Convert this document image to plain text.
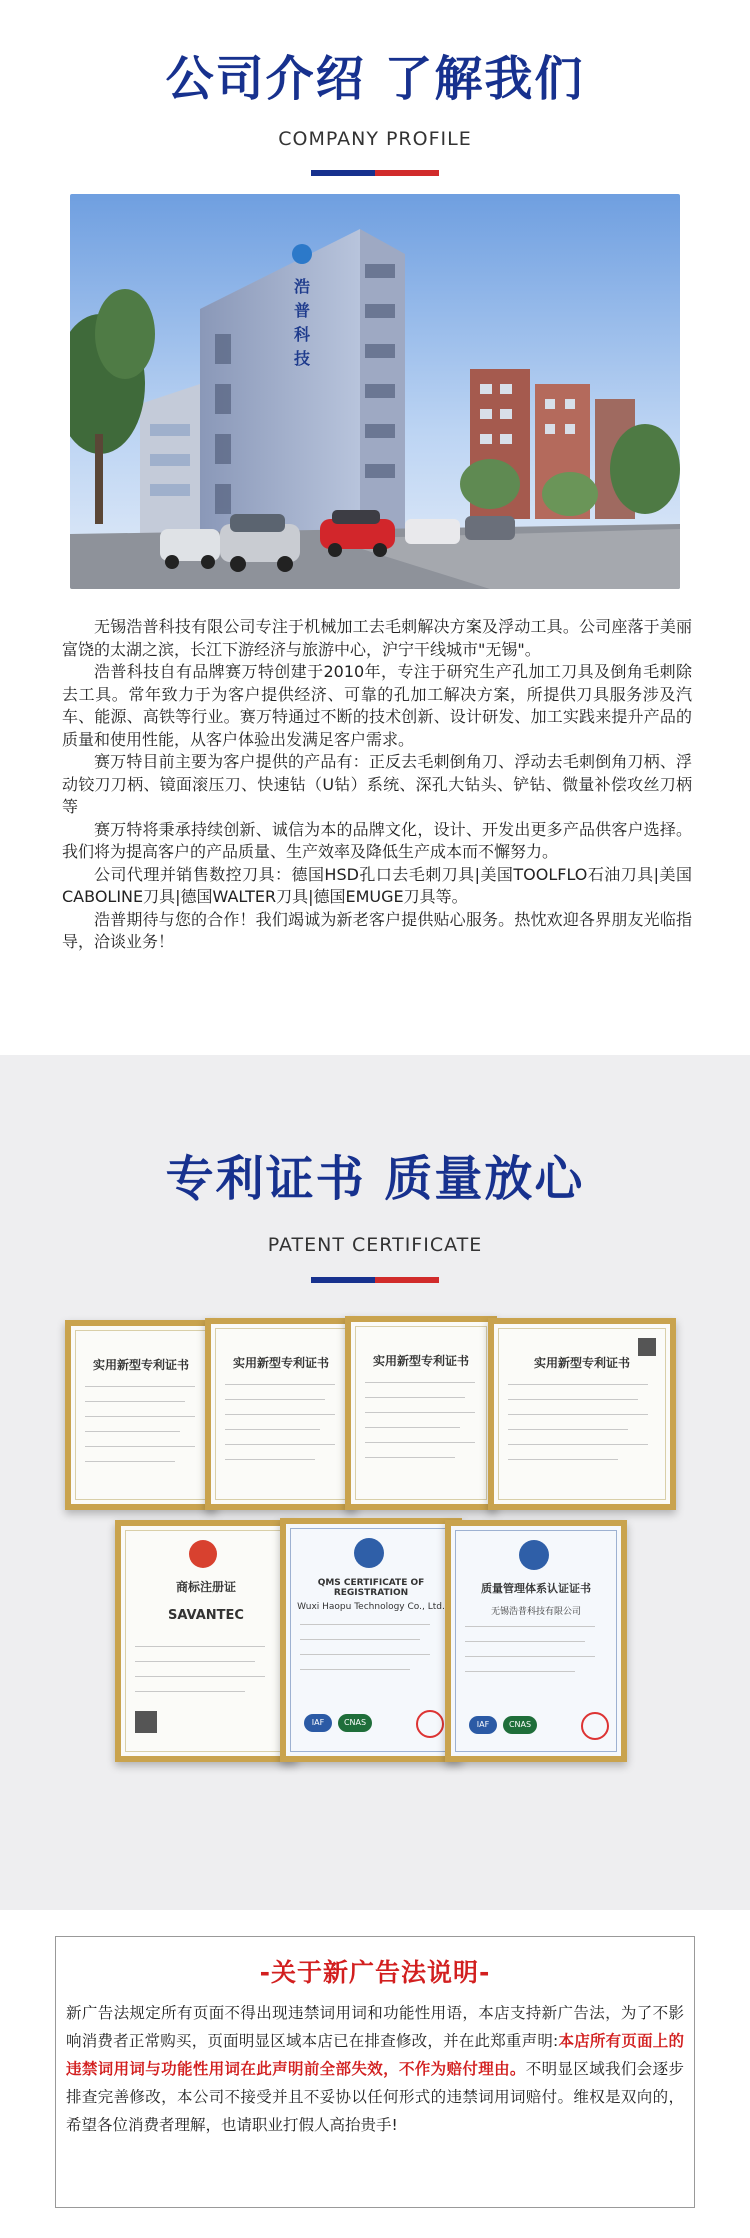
公司介绍 了解我们
COMPANY PROFILE
浩
普
科
技

无锡浩普科技有限公司专注于机械加工去毛刺解决方案及浮动工具。公司座落于美丽富饶的太湖之滨，长江下游经济与旅游中心，沪宁干线城市"无锡"。

浩普科技自有品牌赛万特创建于2010年，专注于研究生产孔加工刀具及倒角毛刺除去工具。常年致力于为客户提供经济、可靠的孔加工解决方案，所提供刀具服务涉及汽车、能源、高铁等行业。赛万特通过不断的技术创新、设计研发、加工实践来提升产品的质量和使用性能，从客户体验出发满足客户需求。

赛万特目前主要为客户提供的产品有：正反去毛刺倒角刀、浮动去毛刺倒角刀柄、浮动铰刀刀柄、镜面滚压刀、快速钻（U钻）系统、深孔大钻头、铲钻、微量补偿攻丝刀柄等

赛万特将秉承持续创新、诚信为本的品牌文化，设计、开发出更多产品供客户选择。我们将为提高客户的产品质量、生产效率及降低生产成本而不懈努力。

公司代理并销售数控刀具：德国HSD孔口去毛刺刀具|美国TOOLFLO石油刀具|美国CABOLINE刀具|德国WALTER刀具|德国EMUGE刀具等。

浩普期待与您的合作！我们竭诚为新老客户提供贴心服务。热忱欢迎各界朋友光临指导，洽谈业务！

专利证书 质量放心
PATENT CERTIFICATE
实用新型专利证书	实用新型专利证书	实用新型专利证书	实用新型专利证书
商标注册证
SAVANTEC
QMS CERTIFICATE OF REGISTRATION
Wuxi Haopu Technology Co., Ltd.
IAF	CNAS
质量管理体系认证证书
无锡浩普科技有限公司
IAF	CNAS
-关于新广告法说明-
新广告法规定所有页面不得出现违禁词用词和功能性用语，本店支持新广告法，为了不影响消费者正常购买，页面明显区域本店已在排查修改，并在此郑重声明:本店所有页面上的违禁词用词与功能性用词在此声明前全部失效，不作为赔付理由。不明显区域我们会逐步排查完善修改，本公司不接受并且不妥协以任何形式的违禁词用词赔付。维权是双向的，希望各位消费者理解，也请职业打假人高抬贵手!
